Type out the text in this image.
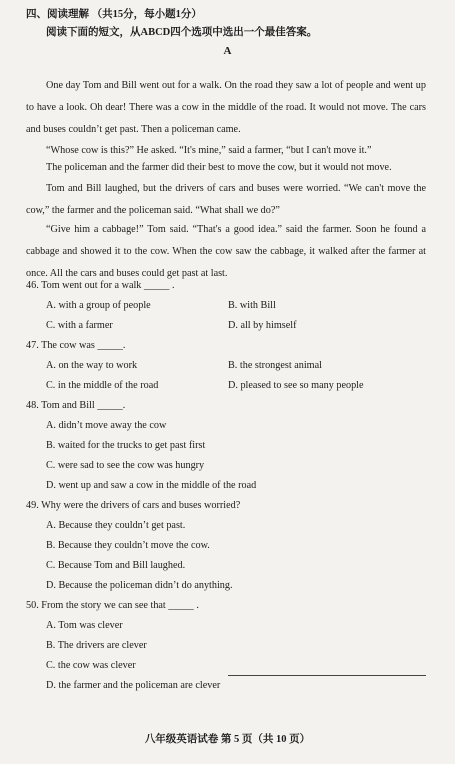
四、阅读理解 （共15分，每小题1分）
阅读下面的短文，从ABCD四个选项中选出一个最佳答案。
A
One day Tom and Bill went out for a walk. On the road they saw a lot of people and went up to have a look. Oh dear! There was a cow in the middle of the road. It would not move. The cars and buses couldn’t get past. Then a policeman came.
“Whose cow is this?” He asked. “It's mine,” said a farmer, “but I can't move it.”
The policeman and the farmer did their best to move the cow, but it would not move.
Tom and Bill laughed, but the drivers of cars and buses were worried. “We can't move the cow,” the farmer and the policeman said. “What shall we do?”
“Give him a cabbage!” Tom said. “That's a good idea.” said the farmer. Soon he found a cabbage and showed it to the cow. When the cow saw the cabbage, it walked after the farmer at once. All the cars and buses could get past at last.
46. Tom went out for a walk _____ .
A. with a group of people	B. with Bill
C. with a farmer	D. all by himself
47. The cow was _____.
A. on the way to work	B. the strongest animal
C. in the middle of the road	D. pleased to see so many people
48. Tom and Bill _____.
A. didn’t move away the cow
B. waited for the trucks to get past first
C. were sad to see the cow was hungry
D. went up and saw a cow in the middle of the road
49. Why were the drivers of cars and buses worried?
A. Because they couldn’t get past.
B. Because they couldn’t move the cow.
C. Because Tom and Bill laughed.
D. Because the policeman didn’t do anything.
50. From the story we can see that _____ .
A. Tom was clever
B. The drivers are clever
C. the cow was clever
D. the farmer and the policeman are clever
八年级英语试卷 第 5 页（共 10 页）
